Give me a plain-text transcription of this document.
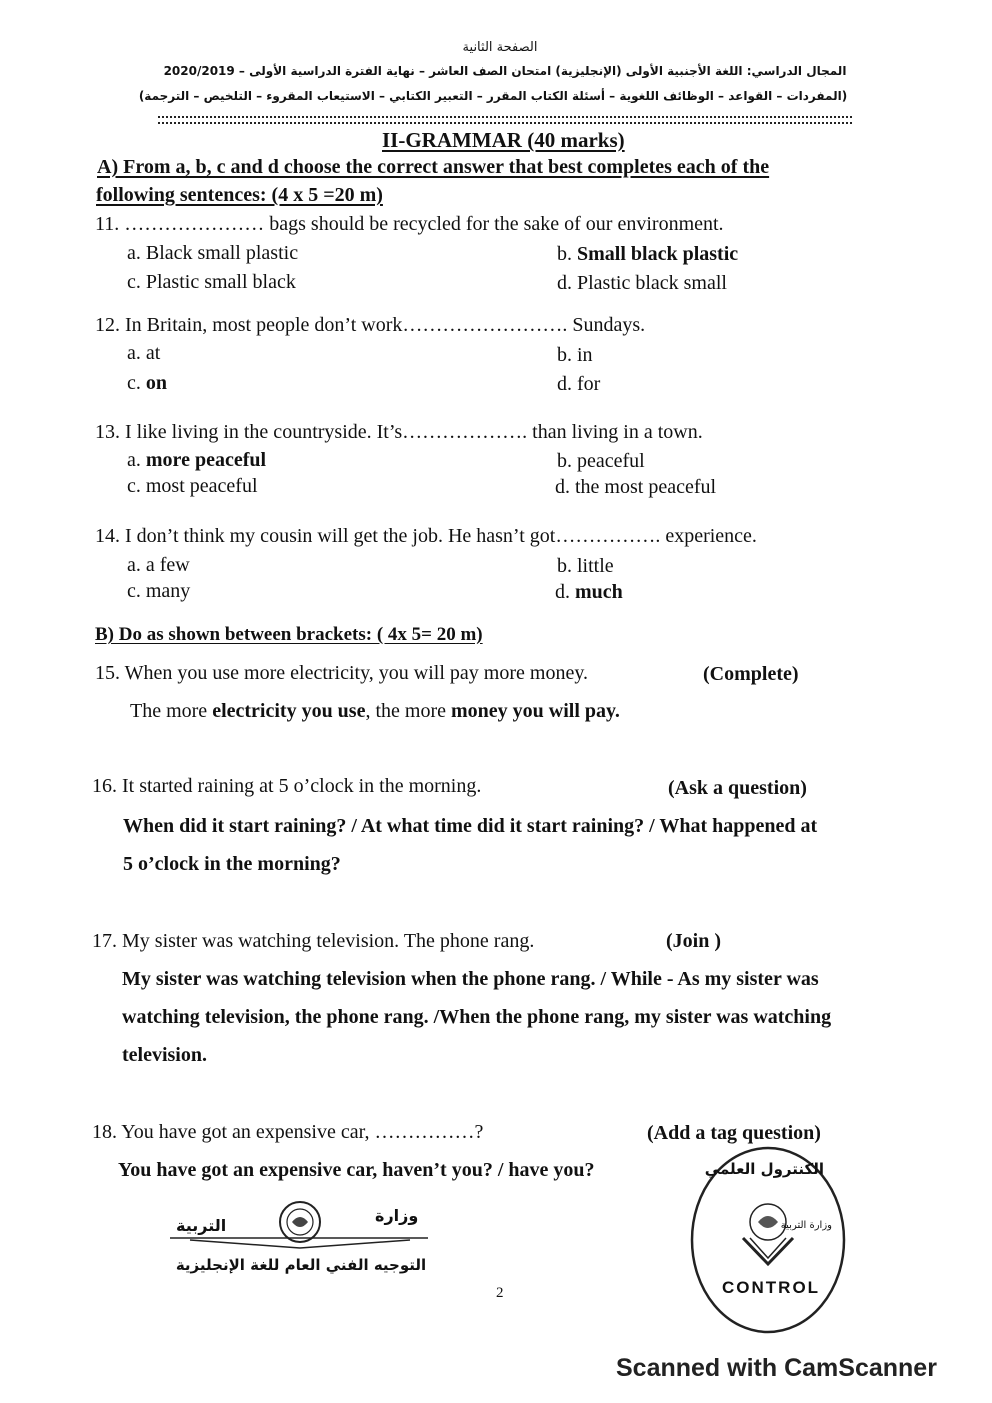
الصفحة الثانية
المجال الدراسي: اللغة الأجنبية الأولى (الإنجليزية) امتحان الصف العاشر – نهاية الفترة الدراسية الأولى – 2020/2019
(المفردات – القواعد – الوظائف اللغوية – أسئلة الكتاب المقرر – التعبير الكتابي – الاستيعاب المقروء – التلخيص – الترجمة)
II-GRAMMAR (40 marks)
A) From a, b, c and d choose the correct answer that best completes each of the
following sentences: (4 x 5 =20 m)
11. ………………… bags should be recycled for the sake of our environment.
a. Black small plastic	b. Small black plastic
c. Plastic small black	d. Plastic black small
12. In Britain, most people don’t work……………………. Sundays.
a. at	b. in
c. on	d. for
13. I like living in the countryside. It’s………………. than living in a town.
a. more peaceful	b. peaceful
c. most peaceful	d. the most peaceful
14. I don’t think my cousin will get the job. He hasn’t got……………. experience.
a. a few	b. little
c. many	d. much
B) Do as shown between brackets: ( 4x 5= 20 m)
15. When you use more electricity, you will pay more money.	(Complete)
The more electricity you use, the more money you will pay.
16. It started raining at 5 o’clock in the morning.	(Ask a question)
When did it start raining? / At what time did it start raining? / What happened at
5 o’clock in the morning?
17. My sister was watching television. The phone rang.	(Join )
My sister was watching television when the phone rang. / While - As my sister was
watching television, the phone rang. /When the phone rang, my sister was watching
television.
18. You have got an expensive car, ……………?	(Add a tag question)
You have got an expensive car, haven’t you? / have you?
وزارة
التربية
التوجيه الفني العام للغة الإنجليزية
الكنترول العلمي
وزارة التربية
CONTROL
2
Scanned with CamScanner
